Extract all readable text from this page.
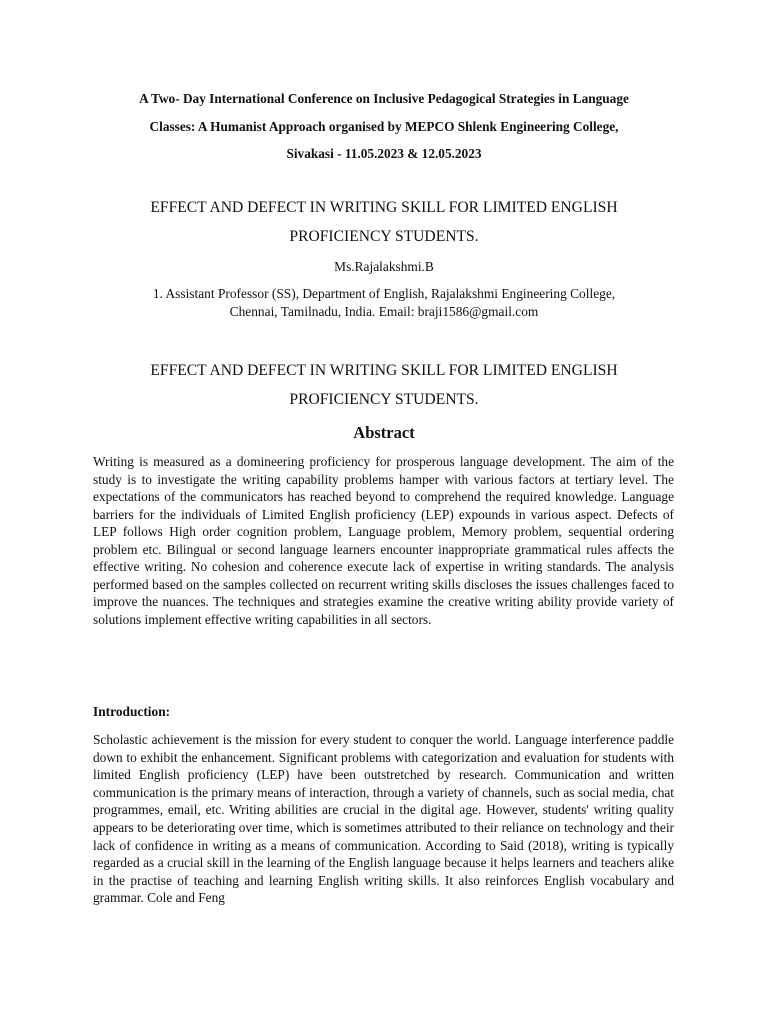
A Two- Day International Conference on Inclusive Pedagogical Strategies in Language
Classes: A Humanist Approach organised by MEPCO Shlenk Engineering College,
Sivakasi - 11.05.2023 & 12.05.2023
EFFECT AND DEFECT IN WRITING SKILL FOR LIMITED ENGLISH
PROFICIENCY STUDENTS.
Ms.Rajalakshmi.B
1. Assistant Professor (SS), Department of English, Rajalakshmi Engineering College,
Chennai, Tamilnadu, India. Email: braji1586@gmail.com
EFFECT AND DEFECT IN WRITING SKILL FOR LIMITED ENGLISH
PROFICIENCY STUDENTS.
Abstract

Writing is measured as a domineering proficiency for prosperous language development. The aim of the study is to investigate the writing capability problems hamper with various factors at tertiary level. The expectations of the communicators has reached beyond to comprehend the required knowledge. Language barriers for the individuals of Limited English proficiency (LEP) expounds in various aspect. Defects of LEP follows High order cognition problem, Language problem, Memory problem, sequential ordering problem etc. Bilingual or second language learners encounter inappropriate grammatical rules affects the effective writing. No cohesion and coherence execute lack of expertise in writing standards. The analysis performed based on the samples collected on recurrent writing skills discloses the issues challenges faced to improve the nuances. The techniques and strategies examine the creative writing ability provide variety of solutions implement effective writing capabilities in all sectors.

Introduction:

Scholastic achievement is the mission for every student to conquer the world. Language interference paddle down to exhibit the enhancement. Significant problems with categorization and evaluation for students with limited English proficiency (LEP) have been outstretched by research. Communication and written communication is the primary means of interaction, through a variety of channels, such as social media, chat programmes, email, etc. Writing abilities are crucial in the digital age. However, students' writing quality appears to be deteriorating over time, which is sometimes attributed to their reliance on technology and their lack of confidence in writing as a means of communication. According to Said (2018), writing is typically regarded as a crucial skill in the learning of the English language because it helps learners and teachers alike in the practise of teaching and learning English writing skills. It also reinforces English vocabulary and grammar. Cole and Feng
